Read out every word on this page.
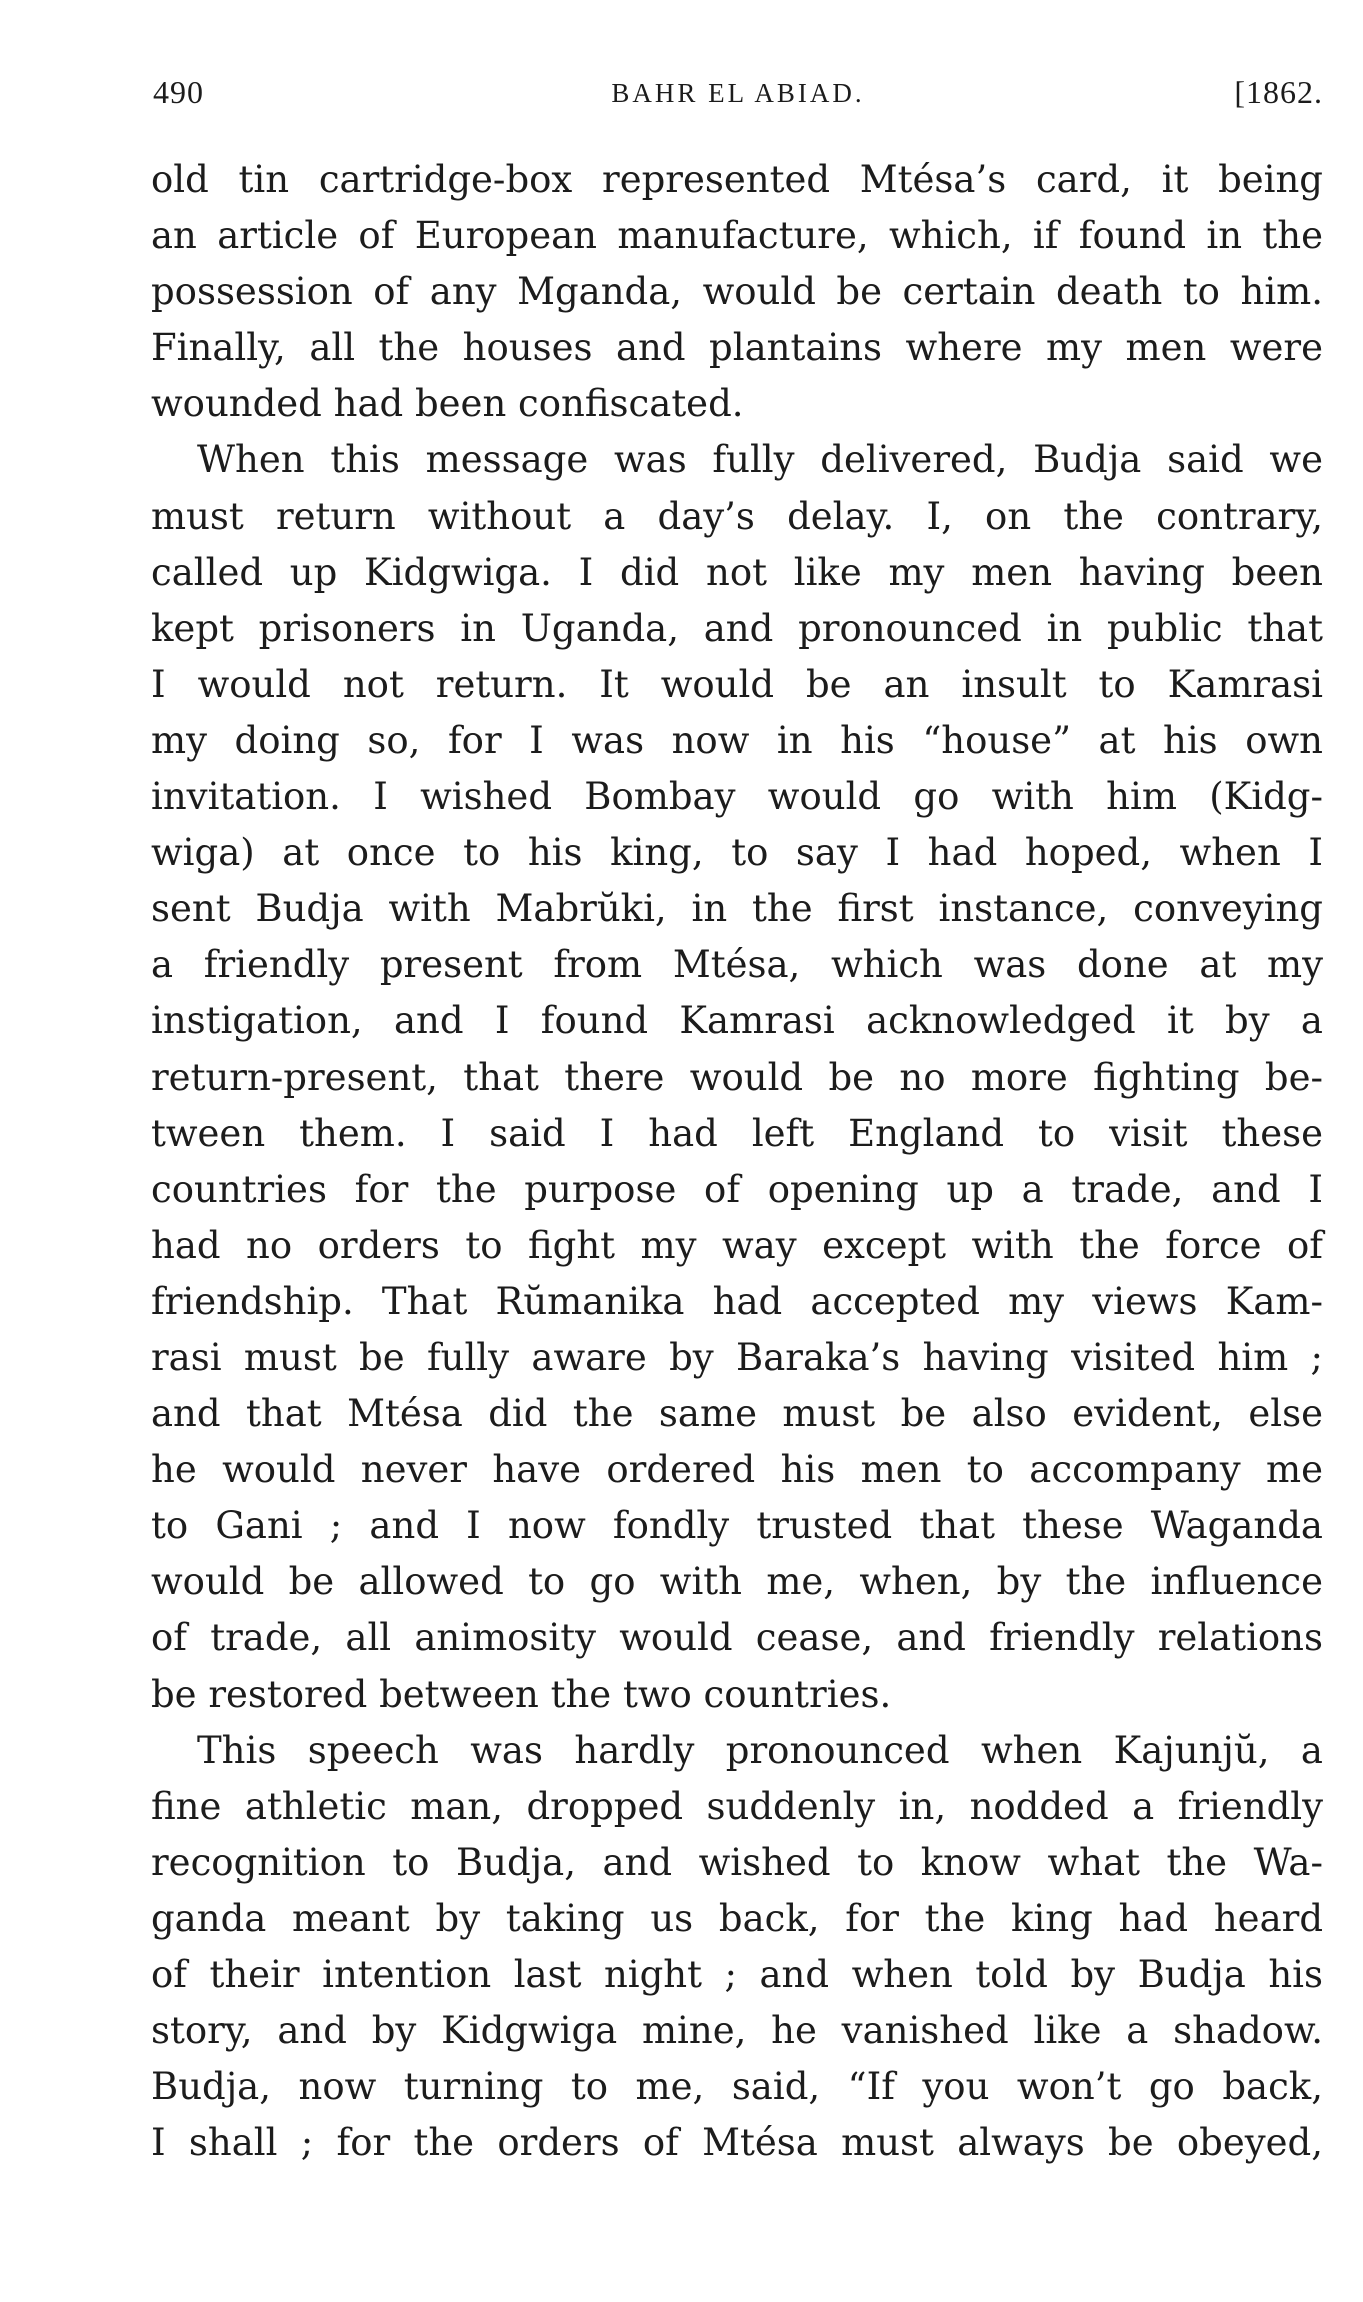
490	BAHR EL ABIAD.	[1862.
old tin cartridge-box represented Mtésa’s card, it being
an article of European manufacture, which, if found in the
possession of any Mganda, would be certain death to him.
Finally, all the houses and plantains where my men were
wounded had been confiscated.
When this message was fully delivered, Budja said we
must return without a day’s delay. I, on the contrary,
called up Kidgwiga. I did not like my men having been
kept prisoners in Uganda, and pronounced in public that
I would not return. It would be an insult to Kamrasi
my doing so, for I was now in his “house” at his own
invitation. I wished Bombay would go with him (Kidg-
wiga) at once to his king, to say I had hoped, when I
sent Budja with Mabrŭki, in the first instance, conveying
a friendly present from Mtésa, which was done at my
instigation, and I found Kamrasi acknowledged it by a
return-present, that there would be no more fighting be-
tween them. I said I had left England to visit these
countries for the purpose of opening up a trade, and I
had no orders to fight my way except with the force of
friendship. That Rŭmanika had accepted my views Kam-
rasi must be fully aware by Baraka’s having visited him ;
and that Mtésa did the same must be also evident, else
he would never have ordered his men to accompany me
to Gani ; and I now fondly trusted that these Waganda
would be allowed to go with me, when, by the influence
of trade, all animosity would cease, and friendly relations
be restored between the two countries.
This speech was hardly pronounced when Kajunjŭ, a
fine athletic man, dropped suddenly in, nodded a friendly
recognition to Budja, and wished to know what the Wa-
ganda meant by taking us back, for the king had heard
of their intention last night ; and when told by Budja his
story, and by Kidgwiga mine, he vanished like a shadow.
Budja, now turning to me, said, “If you won’t go back,
I shall ; for the orders of Mtésa must always be obeyed,
